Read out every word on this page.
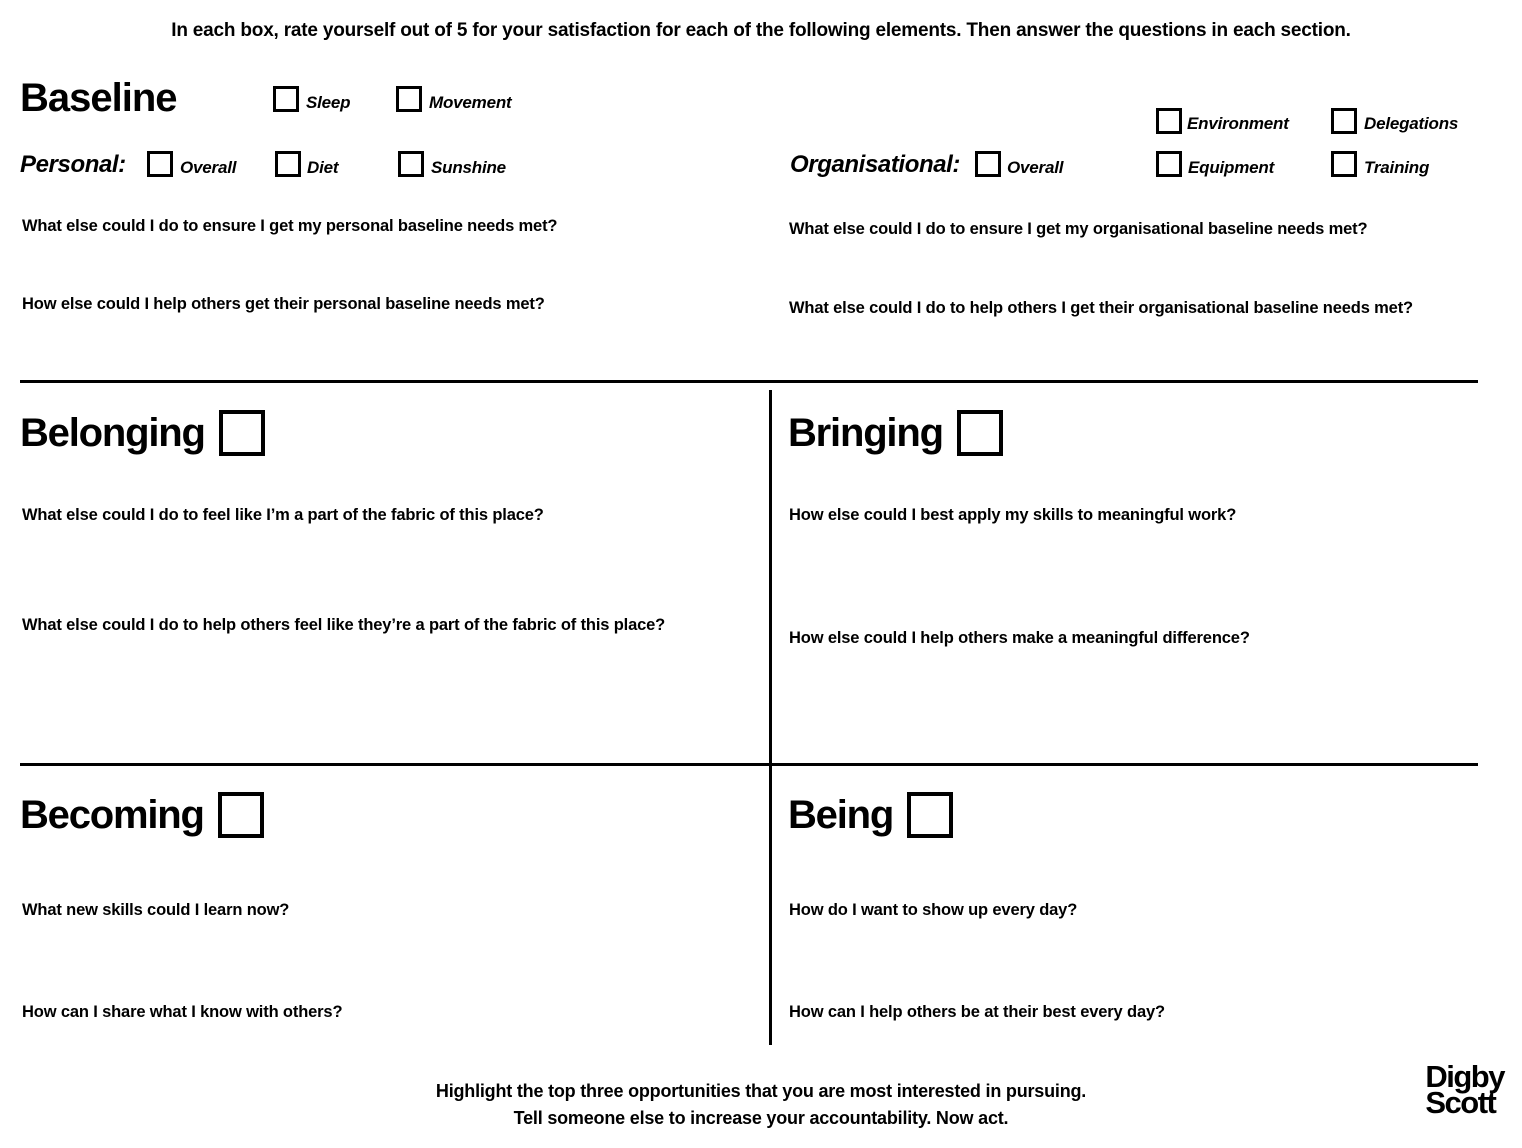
In each box, rate yourself out of 5 for your satisfaction for each of the following elements. Then answer the questions in each section.
Baseline	Sleep	Movement
Environment	Delegations
Personal:	Overall	Diet	Sunshine	Organisational:	Overall	Equipment	Training
What else could I do to ensure I get my personal baseline needs met?
How else could I help others get their personal baseline needs met?
What else could I do to ensure I get my organisational baseline needs met?
What else could I do to help others I get their organisational baseline needs met?
Belonging
What else could I do to feel like I’m a part of the fabric of this place?
What else could I do to help others feel like they’re a part of the fabric of this place?
Bringing
How else could I best apply my skills to meaningful work?
How else could I help others make a meaningful difference?
Becoming
What new skills could I learn now?
How can I share what I know with others?
Being
How do I want to show up every day?
How can I help others be at their best every day?
Highlight the top three opportunities that you are most interested in pursuing.
Tell someone else to increase your accountability. Now act.
Digby
Scott
